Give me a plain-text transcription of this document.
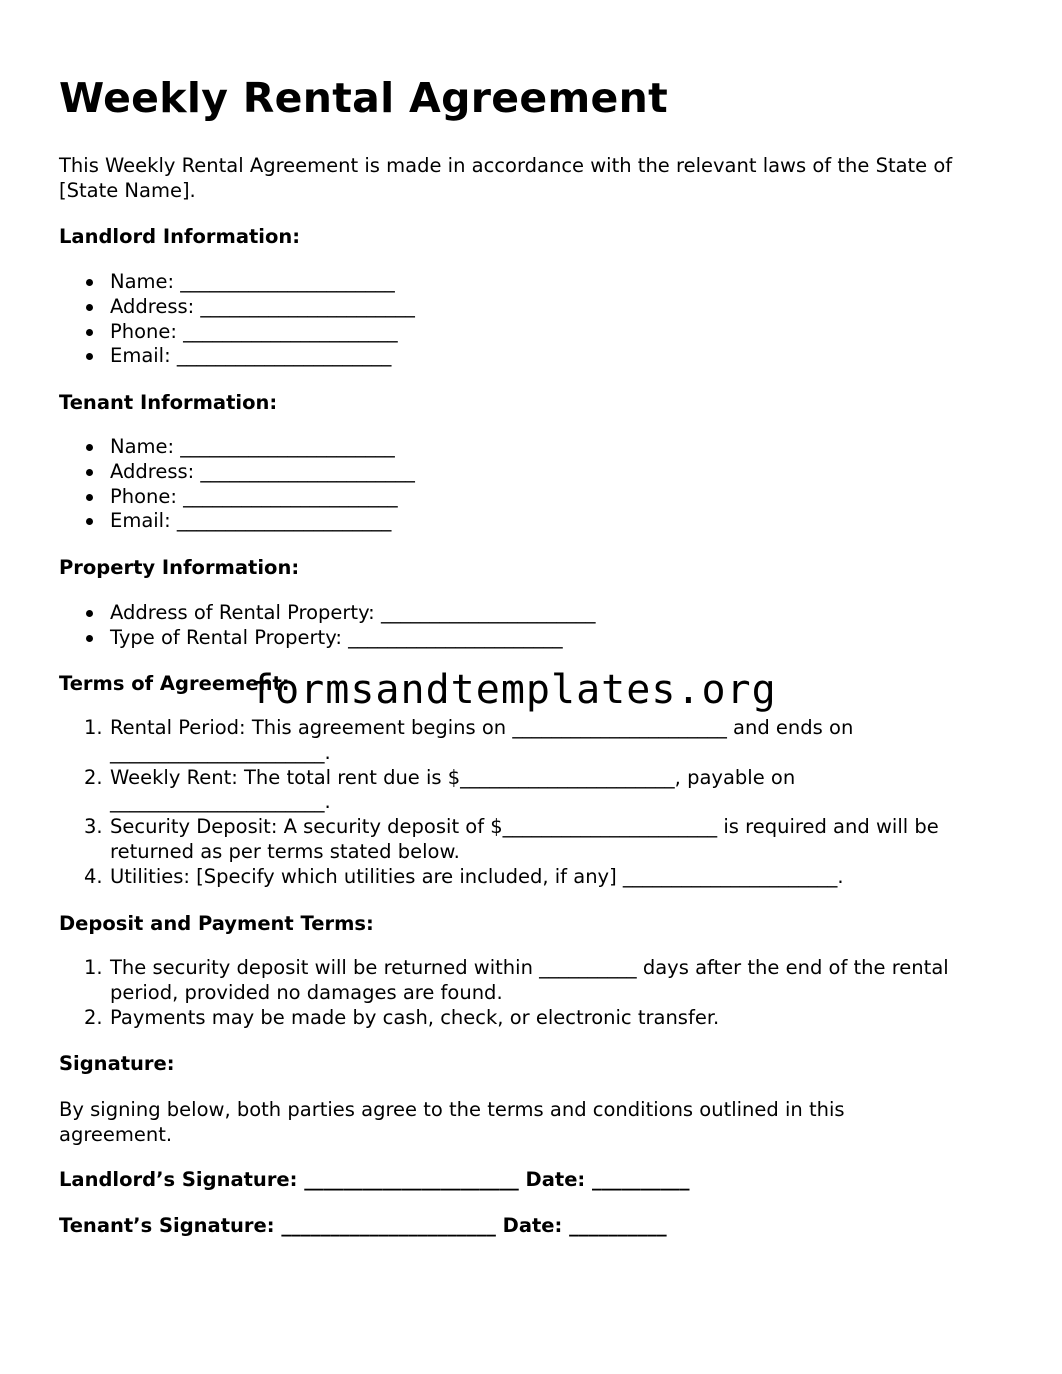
Weekly Rental Agreement

This Weekly Rental Agreement is made in accordance with the relevant laws of the State of [State Name].

Landlord Information:

Name: ______________________
Address: ______________________
Phone: ______________________
Email: ______________________

Tenant Information:

Name: ______________________
Address: ______________________
Phone: ______________________
Email: ______________________

Property Information:

Address of Rental Property: ______________________
Type of Rental Property: ______________________

Terms of Agreement:

1. Rental Period: This agreement begins on ______________________ and ends on ______________________.
2. Weekly Rent: The total rent due is $______________________, payable on ______________________.
3. Security Deposit: A security deposit of $______________________ is required and will be returned as per terms stated below.
4. Utilities: [Specify which utilities are included, if any] ______________________.

Deposit and Payment Terms:

1. The security deposit will be returned within __________ days after the end of the rental period, provided no damages are found.
2. Payments may be made by cash, check, or electronic transfer.

Signature:

By signing below, both parties agree to the terms and conditions outlined in this agreement.

Landlord’s Signature: ______________________ Date: __________

Tenant’s Signature: ______________________ Date: __________

formsandtemplates.org
